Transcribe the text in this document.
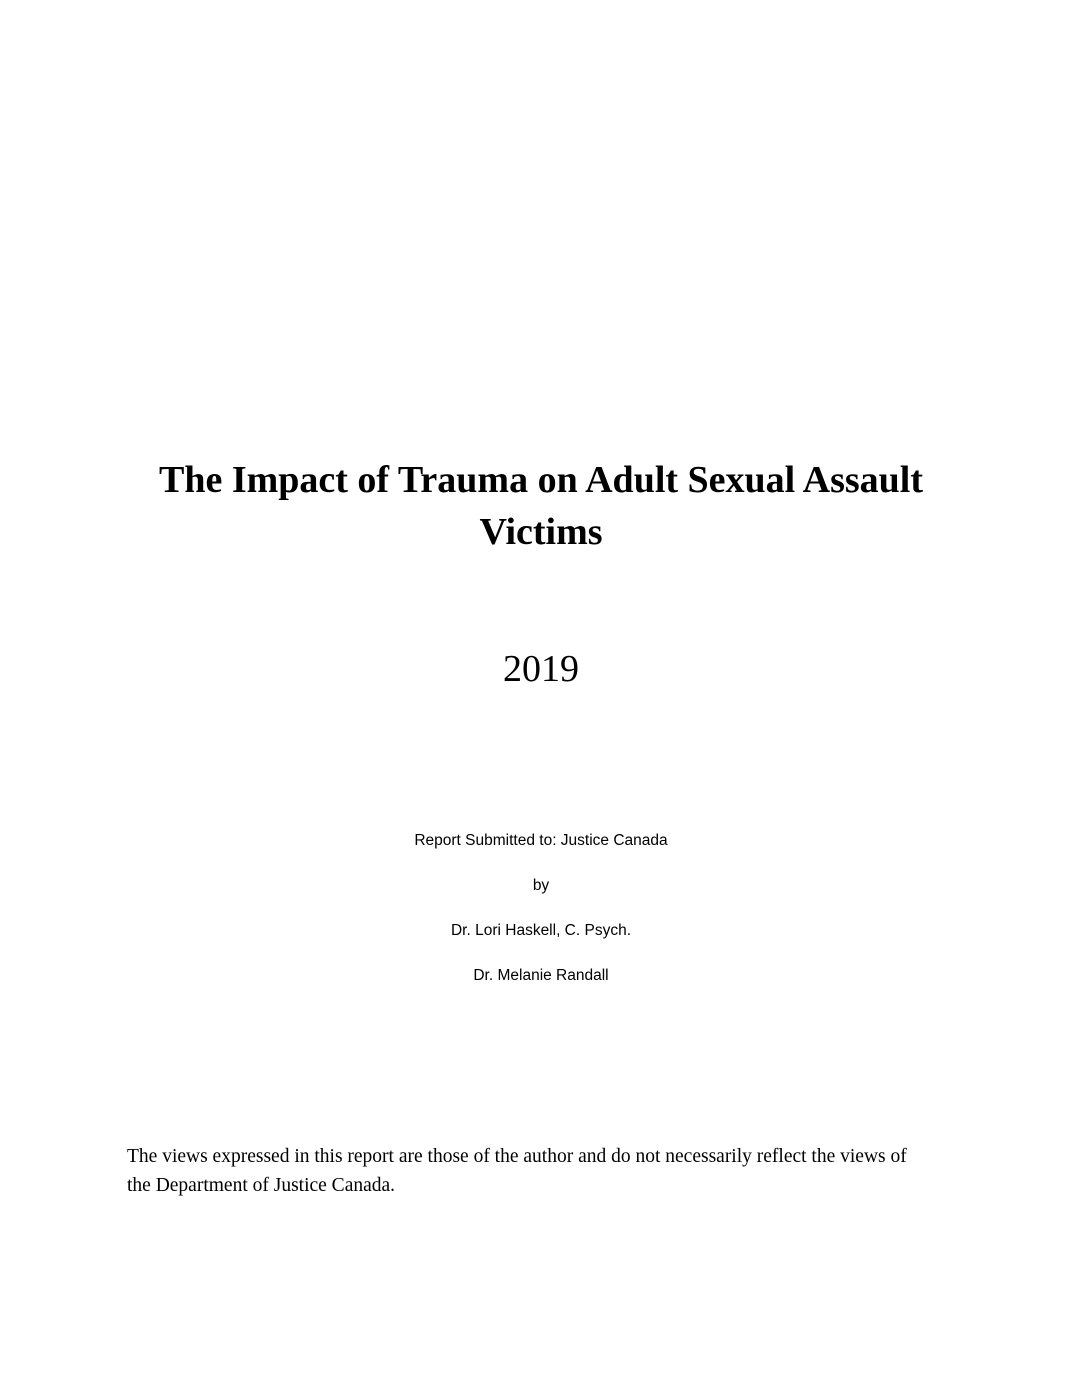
The Impact of Trauma on Adult Sexual Assault
Victims
2019
Report Submitted to: Justice Canada
by
Dr. Lori Haskell, C. Psych.
Dr. Melanie Randall
The views expressed in this report are those of the author and do not necessarily reflect the views of
the Department of Justice Canada.
